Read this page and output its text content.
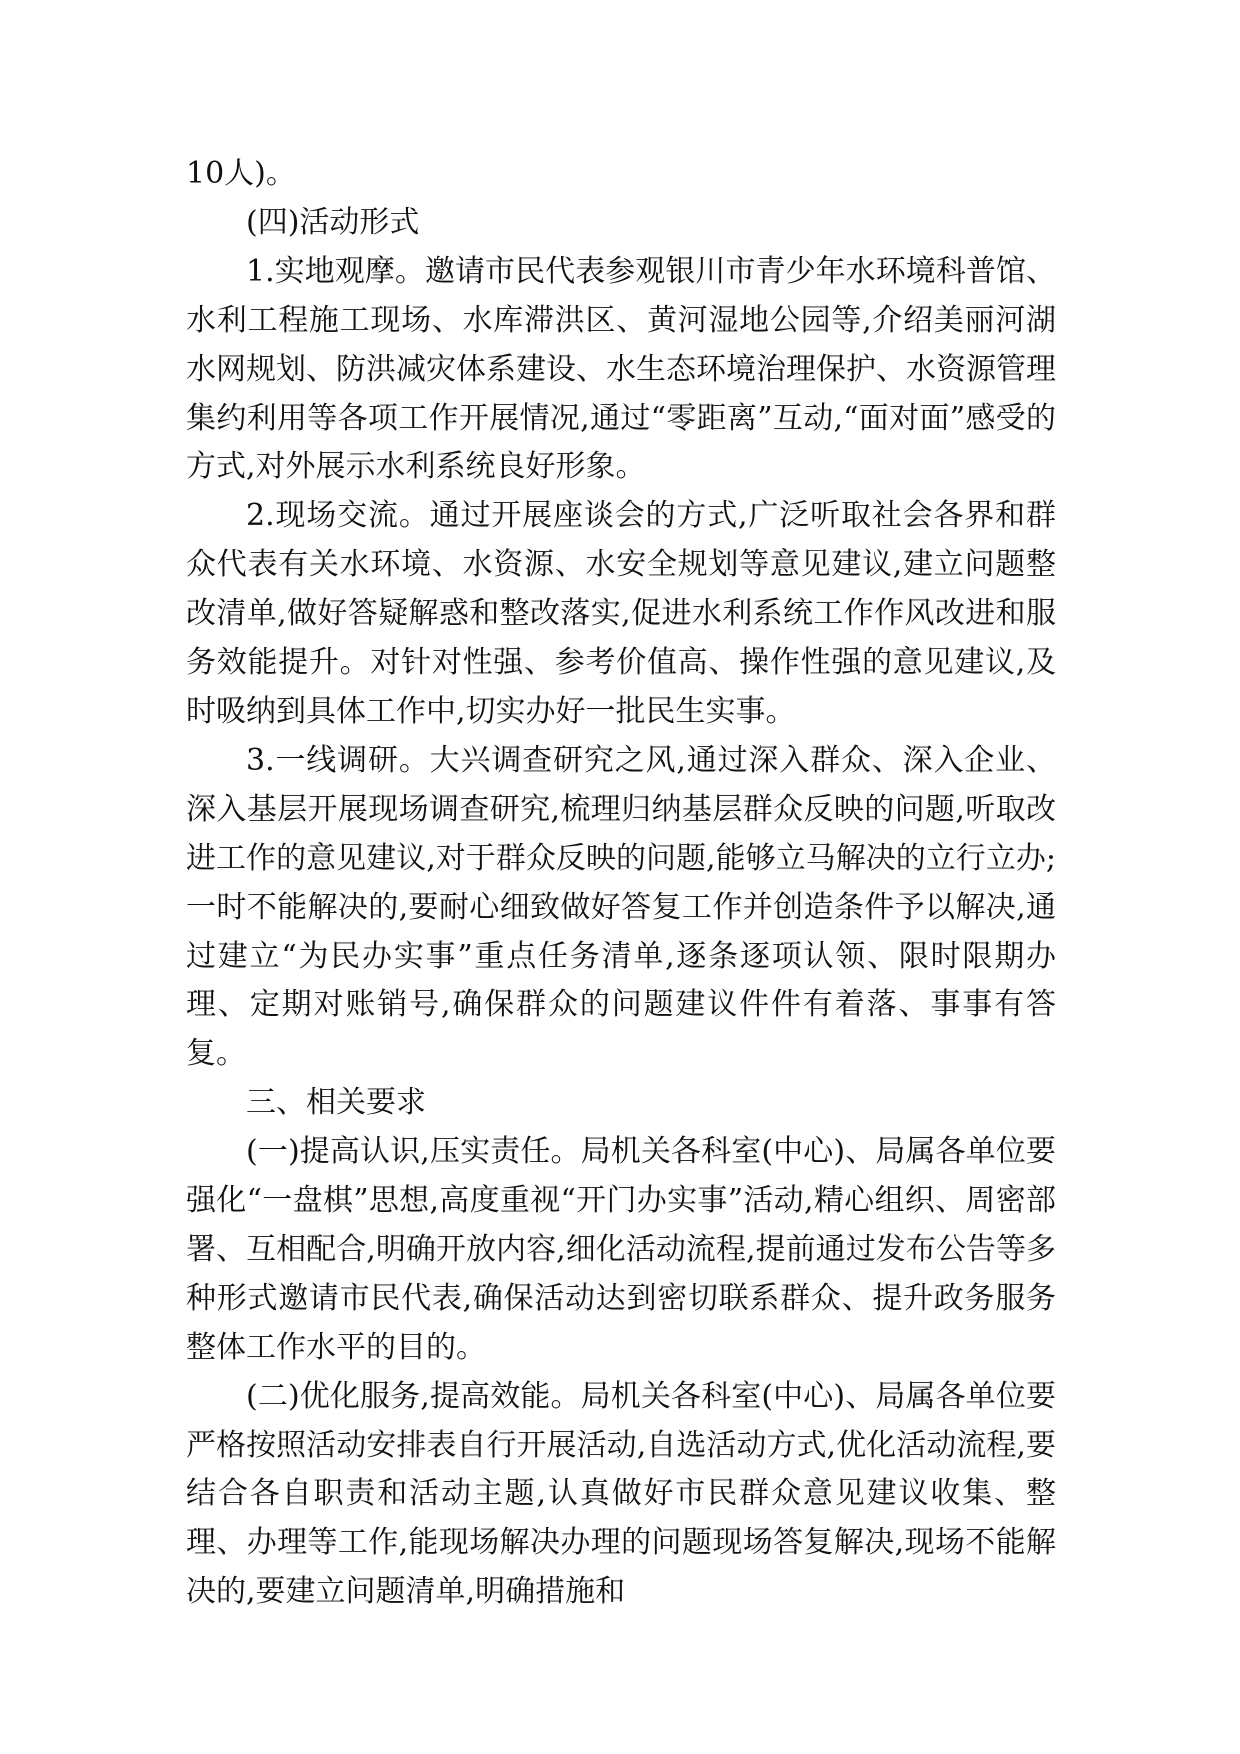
10人)。

(四)活动形式

1.实地观摩。邀请市民代表参观银川市青少年水环境科普馆、水利工程施工现场、水库滞洪区、黄河湿地公园等,介绍美丽河湖水网规划、防洪减灾体系建设、水生态环境治理保护、水资源管理集约利用等各项工作开展情况,通过“零距离”互动,“面对面”感受的方式,对外展示水利系统良好形象。

2.现场交流。通过开展座谈会的方式,广泛听取社会各界和群众代表有关水环境、水资源、水安全规划等意见建议,建立问题整改清单,做好答疑解惑和整改落实,促进水利系统工作作风改进和服务效能提升。对针对性强、参考价值高、操作性强的意见建议,及时吸纳到具体工作中,切实办好一批民生实事。

3.一线调研。大兴调查研究之风,通过深入群众、深入企业、深入基层开展现场调查研究,梳理归纳基层群众反映的问题,听取改进工作的意见建议,对于群众反映的问题,能够立马解决的立行立办;一时不能解决的,要耐心细致做好答复工作并创造条件予以解决,通过建立“为民办实事”重点任务清单,逐条逐项认领、限时限期办理、定期对账销号,确保群众的问题建议件件有着落、事事有答复。

三、相关要求

(一)提高认识,压实责任。局机关各科室(中心)、局属各单位要强化“一盘棋”思想,高度重视“开门办实事”活动,精心组织、周密部署、互相配合,明确开放内容,细化活动流程,提前通过发布公告等多种形式邀请市民代表,确保活动达到密切联系群众、提升政务服务整体工作水平的目的。

(二)优化服务,提高效能。局机关各科室(中心)、局属各单位要严格按照活动安排表自行开展活动,自选活动方式,优化活动流程,要结合各自职责和活动主题,认真做好市民群众意见建议收集、整理、办理等工作,能现场解决办理的问题现场答复解决,现场不能解决的,要建立问题清单,明确措施和
